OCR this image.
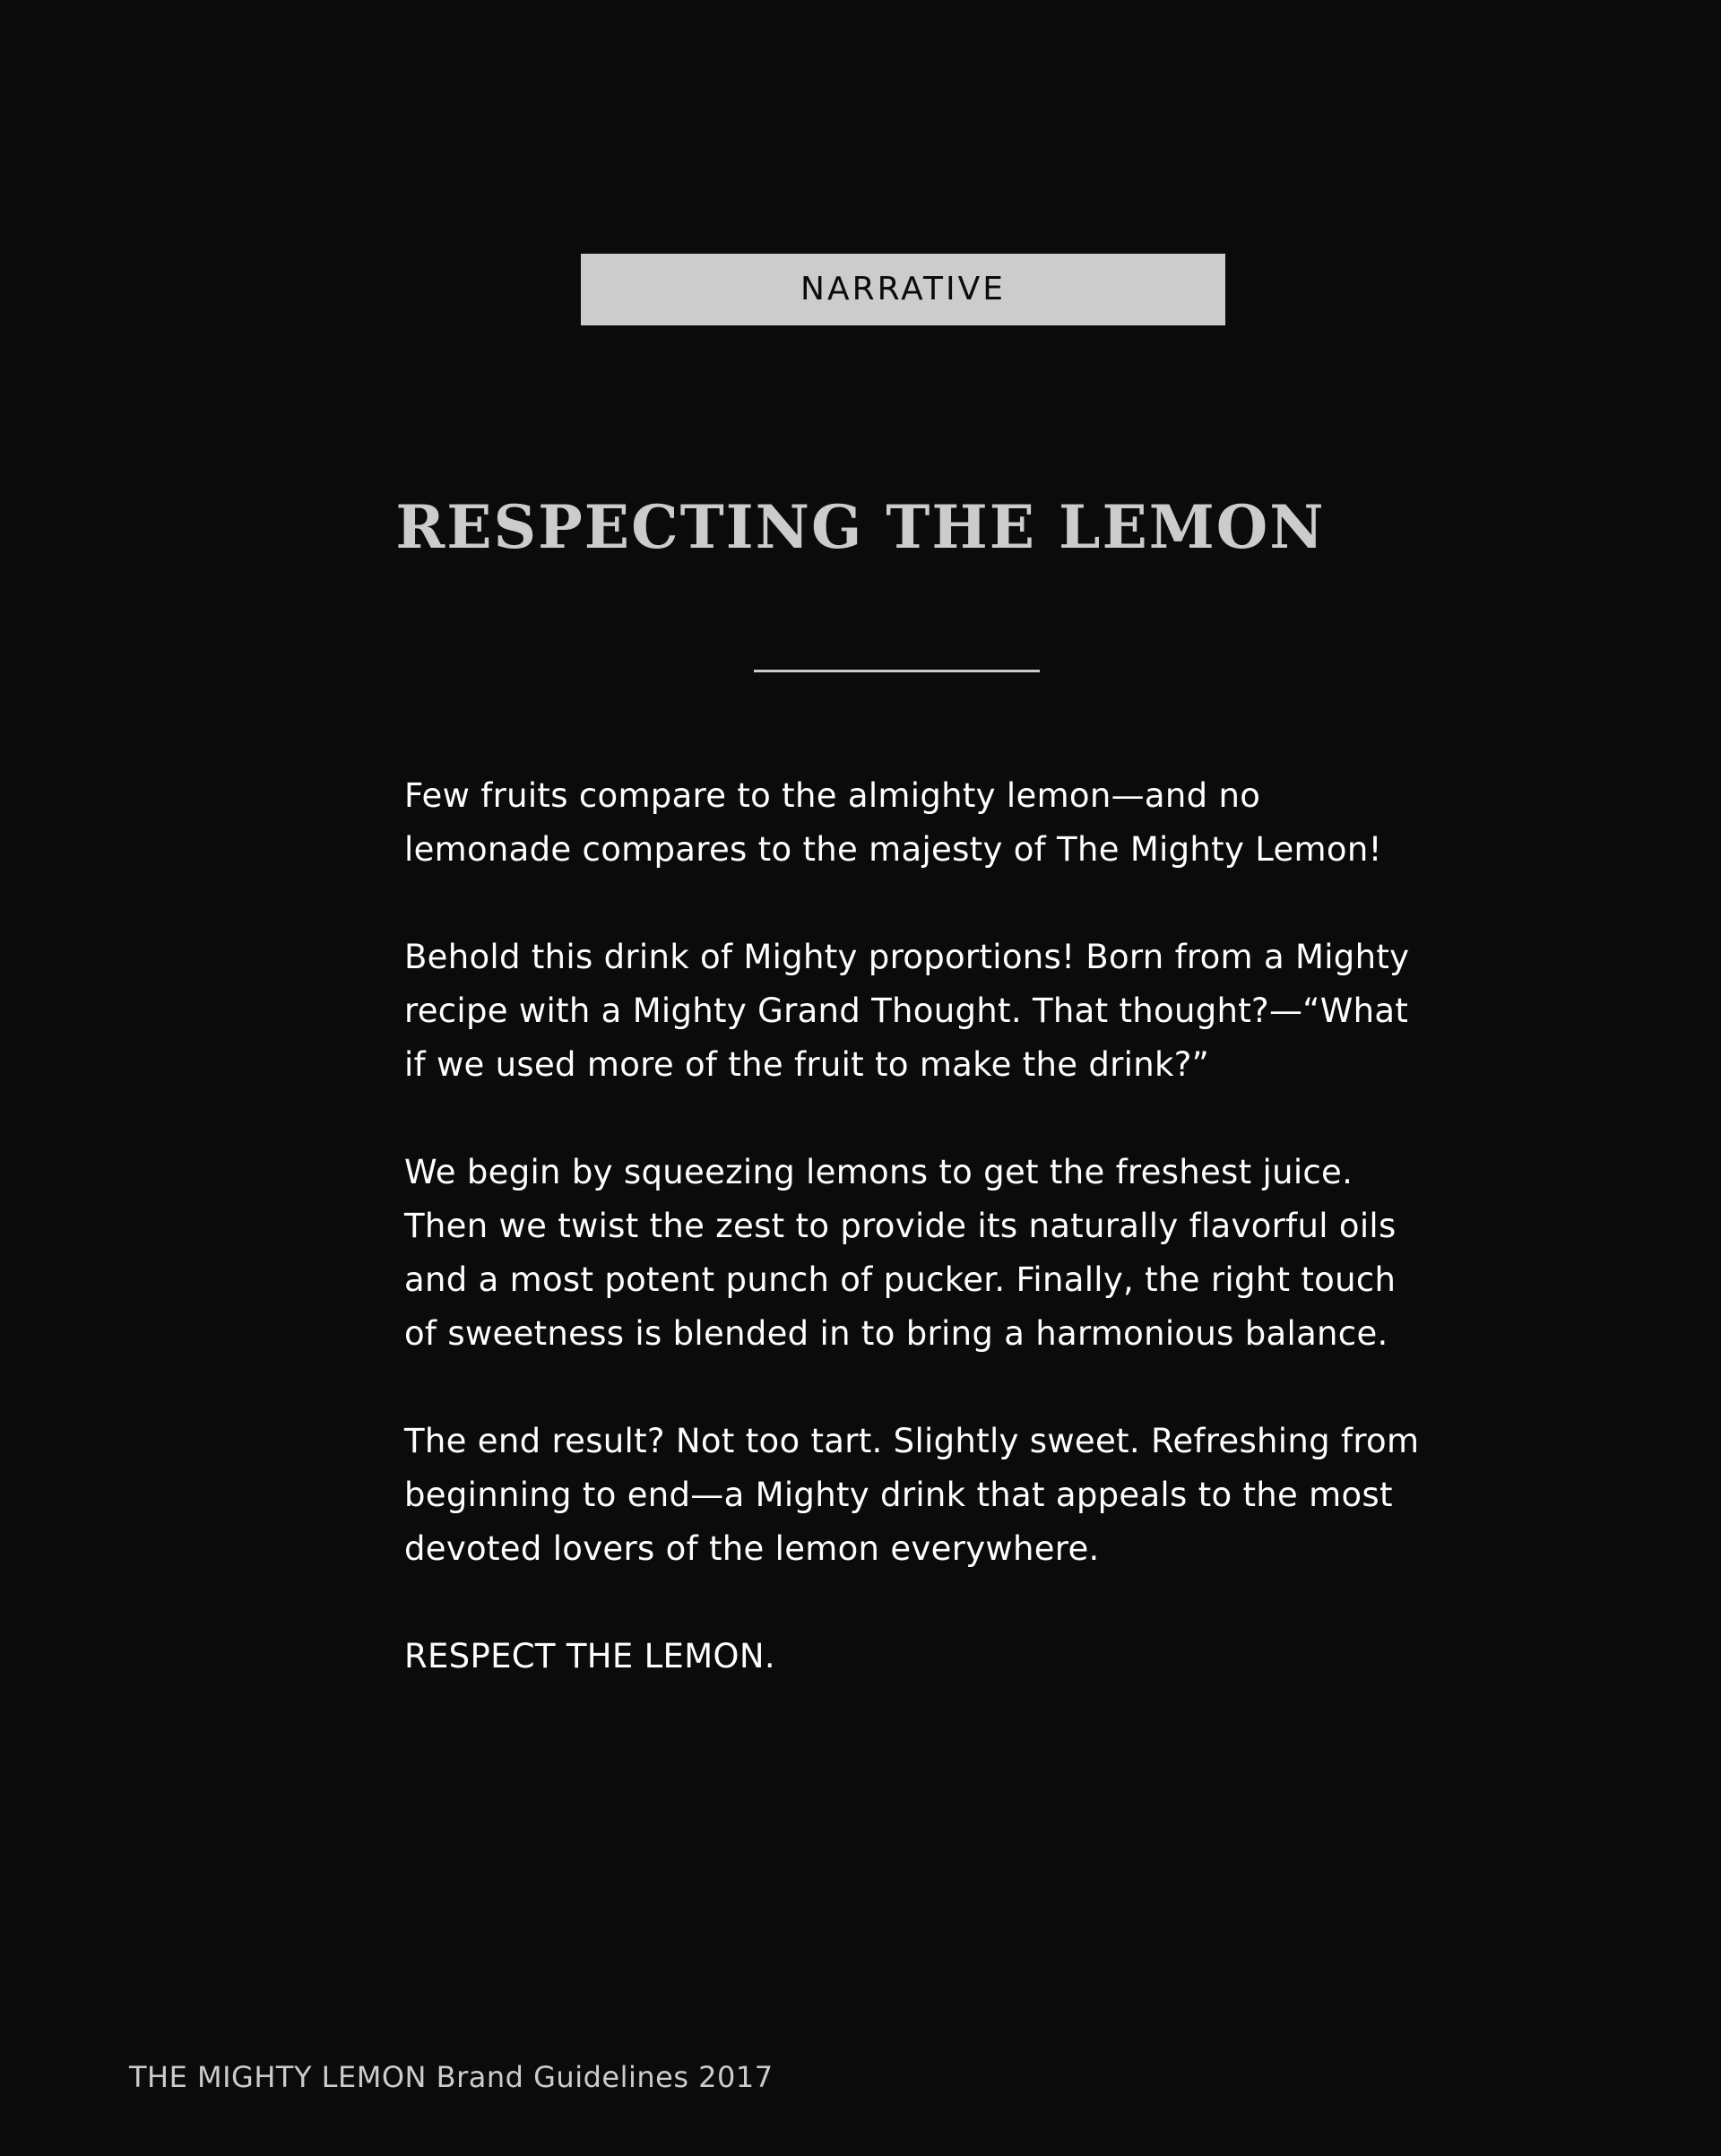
NARRATIVE
RESPECTING THE LEMON

Few fruits compare to the almighty lemon—and no lemonade compares to the majesty of The Mighty Lemon!

Behold this drink of Mighty proportions! Born from a Mighty recipe with a Mighty Grand Thought. That thought?—“What if we used more of the fruit to make the drink?”

We begin by squeezing lemons to get the freshest juice. Then we twist the zest to provide its naturally flavorful oils and a most potent punch of pucker. Finally, the right touch of sweetness is blended in to bring a harmonious balance.

The end result? Not too tart. Slightly sweet. Refreshing from beginning to end—a Mighty drink that appeals to the most devoted lovers of the lemon everywhere.

RESPECT THE LEMON.

THE MIGHTY LEMON Brand Guidelines 2017
